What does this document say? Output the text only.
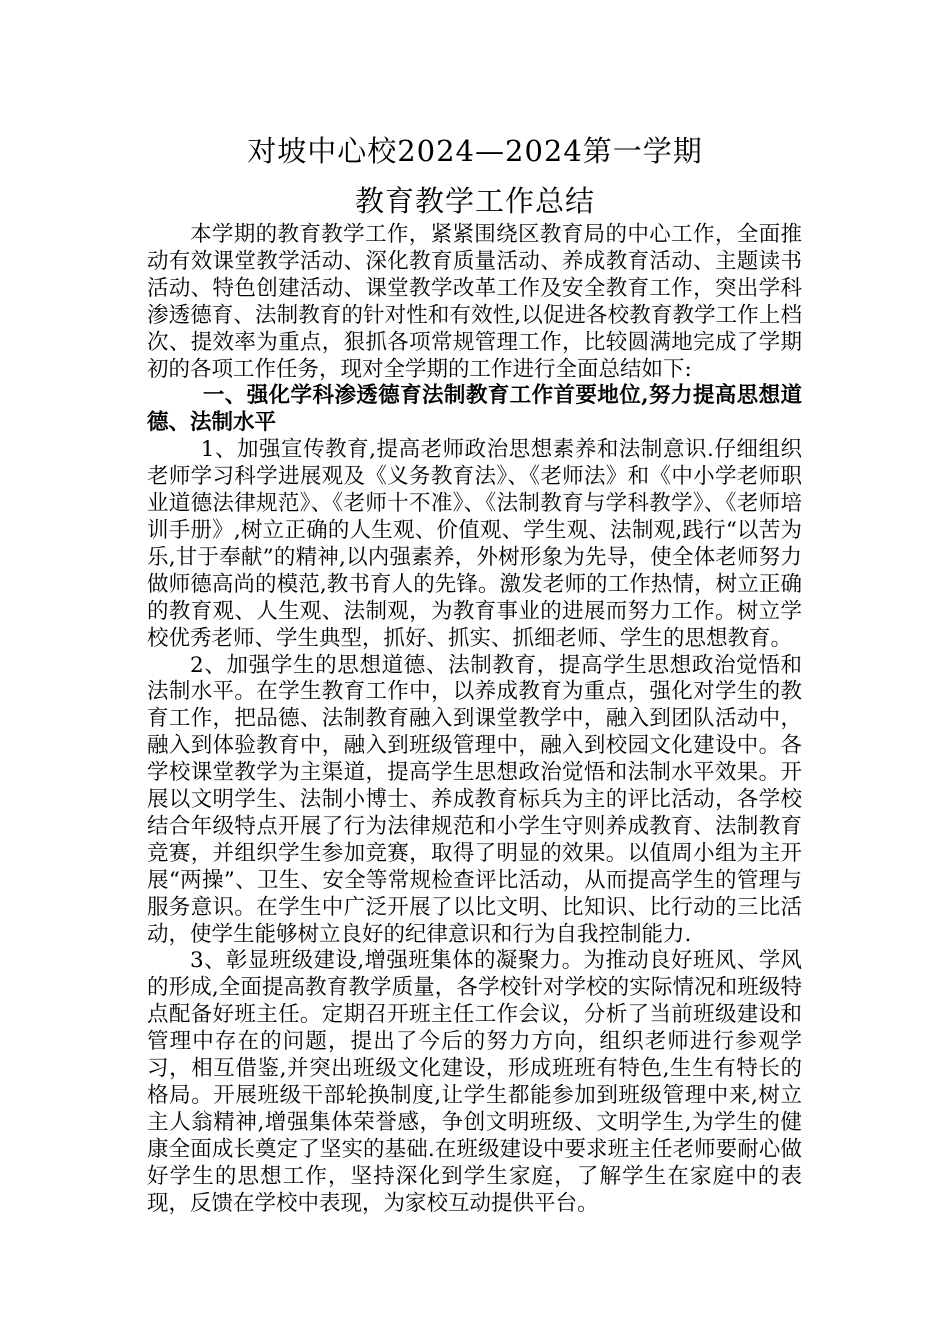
对坡中心校2024—2024第一学期
教育教学工作总结

本学期的教育教学工作，紧紧围绕区教育局的中心工作，全面推动有效课堂教学活动、深化教育质量活动、养成教育活动、主题读书活动、特色创建活动、课堂教学改革工作及安全教育工作，突出学科渗透德育、法制教育的针对性和有效性,以促进各校教育教学工作上档次、提效率为重点，狠抓各项常规管理工作，比较圆满地完成了学期初的各项工作任务，现对全学期的工作进行全面总结如下:

一、强化学科渗透德育法制教育工作首要地位,努力提高思想道德、法制水平

1、加强宣传教育,提高老师政治思想素养和法制意识.仔细组织老师学习科学进展观及《义务教育法》、《老师法》和《中小学老师职业道德法律规范》、《老师十不准》、《法制教育与学科教学》、《老师培训手册》,树立正确的人生观、价值观、学生观、法制观,践行“以苦为乐,甘于奉献”的精神,以内强素养，外树形象为先导，使全体老师努力做师德高尚的模范,教书育人的先锋。激发老师的工作热情，树立正确的教育观、人生观、法制观，为教育事业的进展而努力工作。树立学校优秀老师、学生典型，抓好、抓实、抓细老师、学生的思想教育。

2、加强学生的思想道德、法制教育，提高学生思想政治觉悟和法制水平。在学生教育工作中，以养成教育为重点，强化对学生的教育工作，把品德、法制教育融入到课堂教学中，融入到团队活动中，融入到体验教育中，融入到班级管理中，融入到校园文化建设中。各学校课堂教学为主渠道，提高学生思想政治觉悟和法制水平效果。开展以文明学生、法制小博士、养成教育标兵为主的评比活动，各学校结合年级特点开展了行为法律规范和小学生守则养成教育、法制教育竞赛，并组织学生参加竞赛，取得了明显的效果。以值周小组为主开展“两操”、卫生、安全等常规检查评比活动，从而提高学生的管理与服务意识。在学生中广泛开展了以比文明、比知识、比行动的三比活动，使学生能够树立良好的纪律意识和行为自我控制能力.

3、彰显班级建设,增强班集体的凝聚力。为推动良好班风、学风的形成,全面提高教育教学质量，各学校针对学校的实际情况和班级特点配备好班主任。定期召开班主任工作会议，分析了当前班级建设和管理中存在的问题，提出了今后的努力方向，组织老师进行参观学习，相互借鉴,并突出班级文化建设，形成班班有特色,生生有特长的格局。开展班级干部轮换制度,让学生都能参加到班级管理中来,树立主人翁精神,增强集体荣誉感，争创文明班级、文明学生,为学生的健康全面成长奠定了坚实的基础.在班级建设中要求班主任老师要耐心做好学生的思想工作，坚持深化到学生家庭，了解学生在家庭中的表现，反馈在学校中表现，为家校互动提供平台。
